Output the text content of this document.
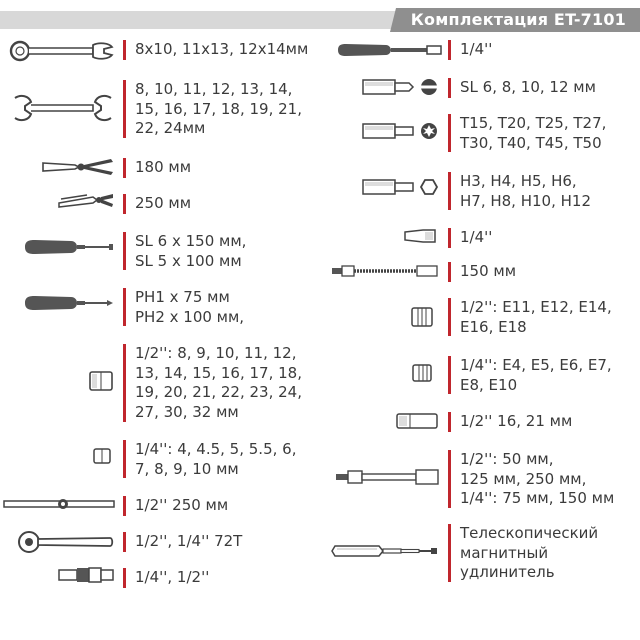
Комплектация ET-7101
8x10, 11x13, 12x14мм
8, 10, 11, 12, 13, 14,
15, 16, 17, 18, 19, 21,
22, 24мм
180 мм
250 мм
SL 6 x 150 мм,
SL 5 x 100 мм
PH1 x 75 мм
PH2 x 100 мм,
1/2'': 8, 9, 10, 11, 12,
13, 14, 15, 16, 17, 18,
19, 20, 21, 22, 23, 24,
27, 30, 32 мм
1/4'': 4, 4.5, 5, 5.5, 6,
7, 8, 9, 10 мм
1/2'' 250 мм
1/2'', 1/4'' 72T
1/4'', 1/2''
1/4''
SL 6, 8, 10, 12 мм
T15, T20, T25, T27,
T30, T40, T45, T50
H3, H4, H5, H6,
H7, H8, H10, H12
1/4''
150 мм
1/2'': E11, E12, E14,
E16, E18
1/4'': E4, E5, E6, E7,
E8, E10
1/2'' 16, 21 мм
1/2'': 50 мм,
125 мм, 250 мм,
1/4'': 75 мм, 150 мм
Телескопический
магнитный
удлинитель
